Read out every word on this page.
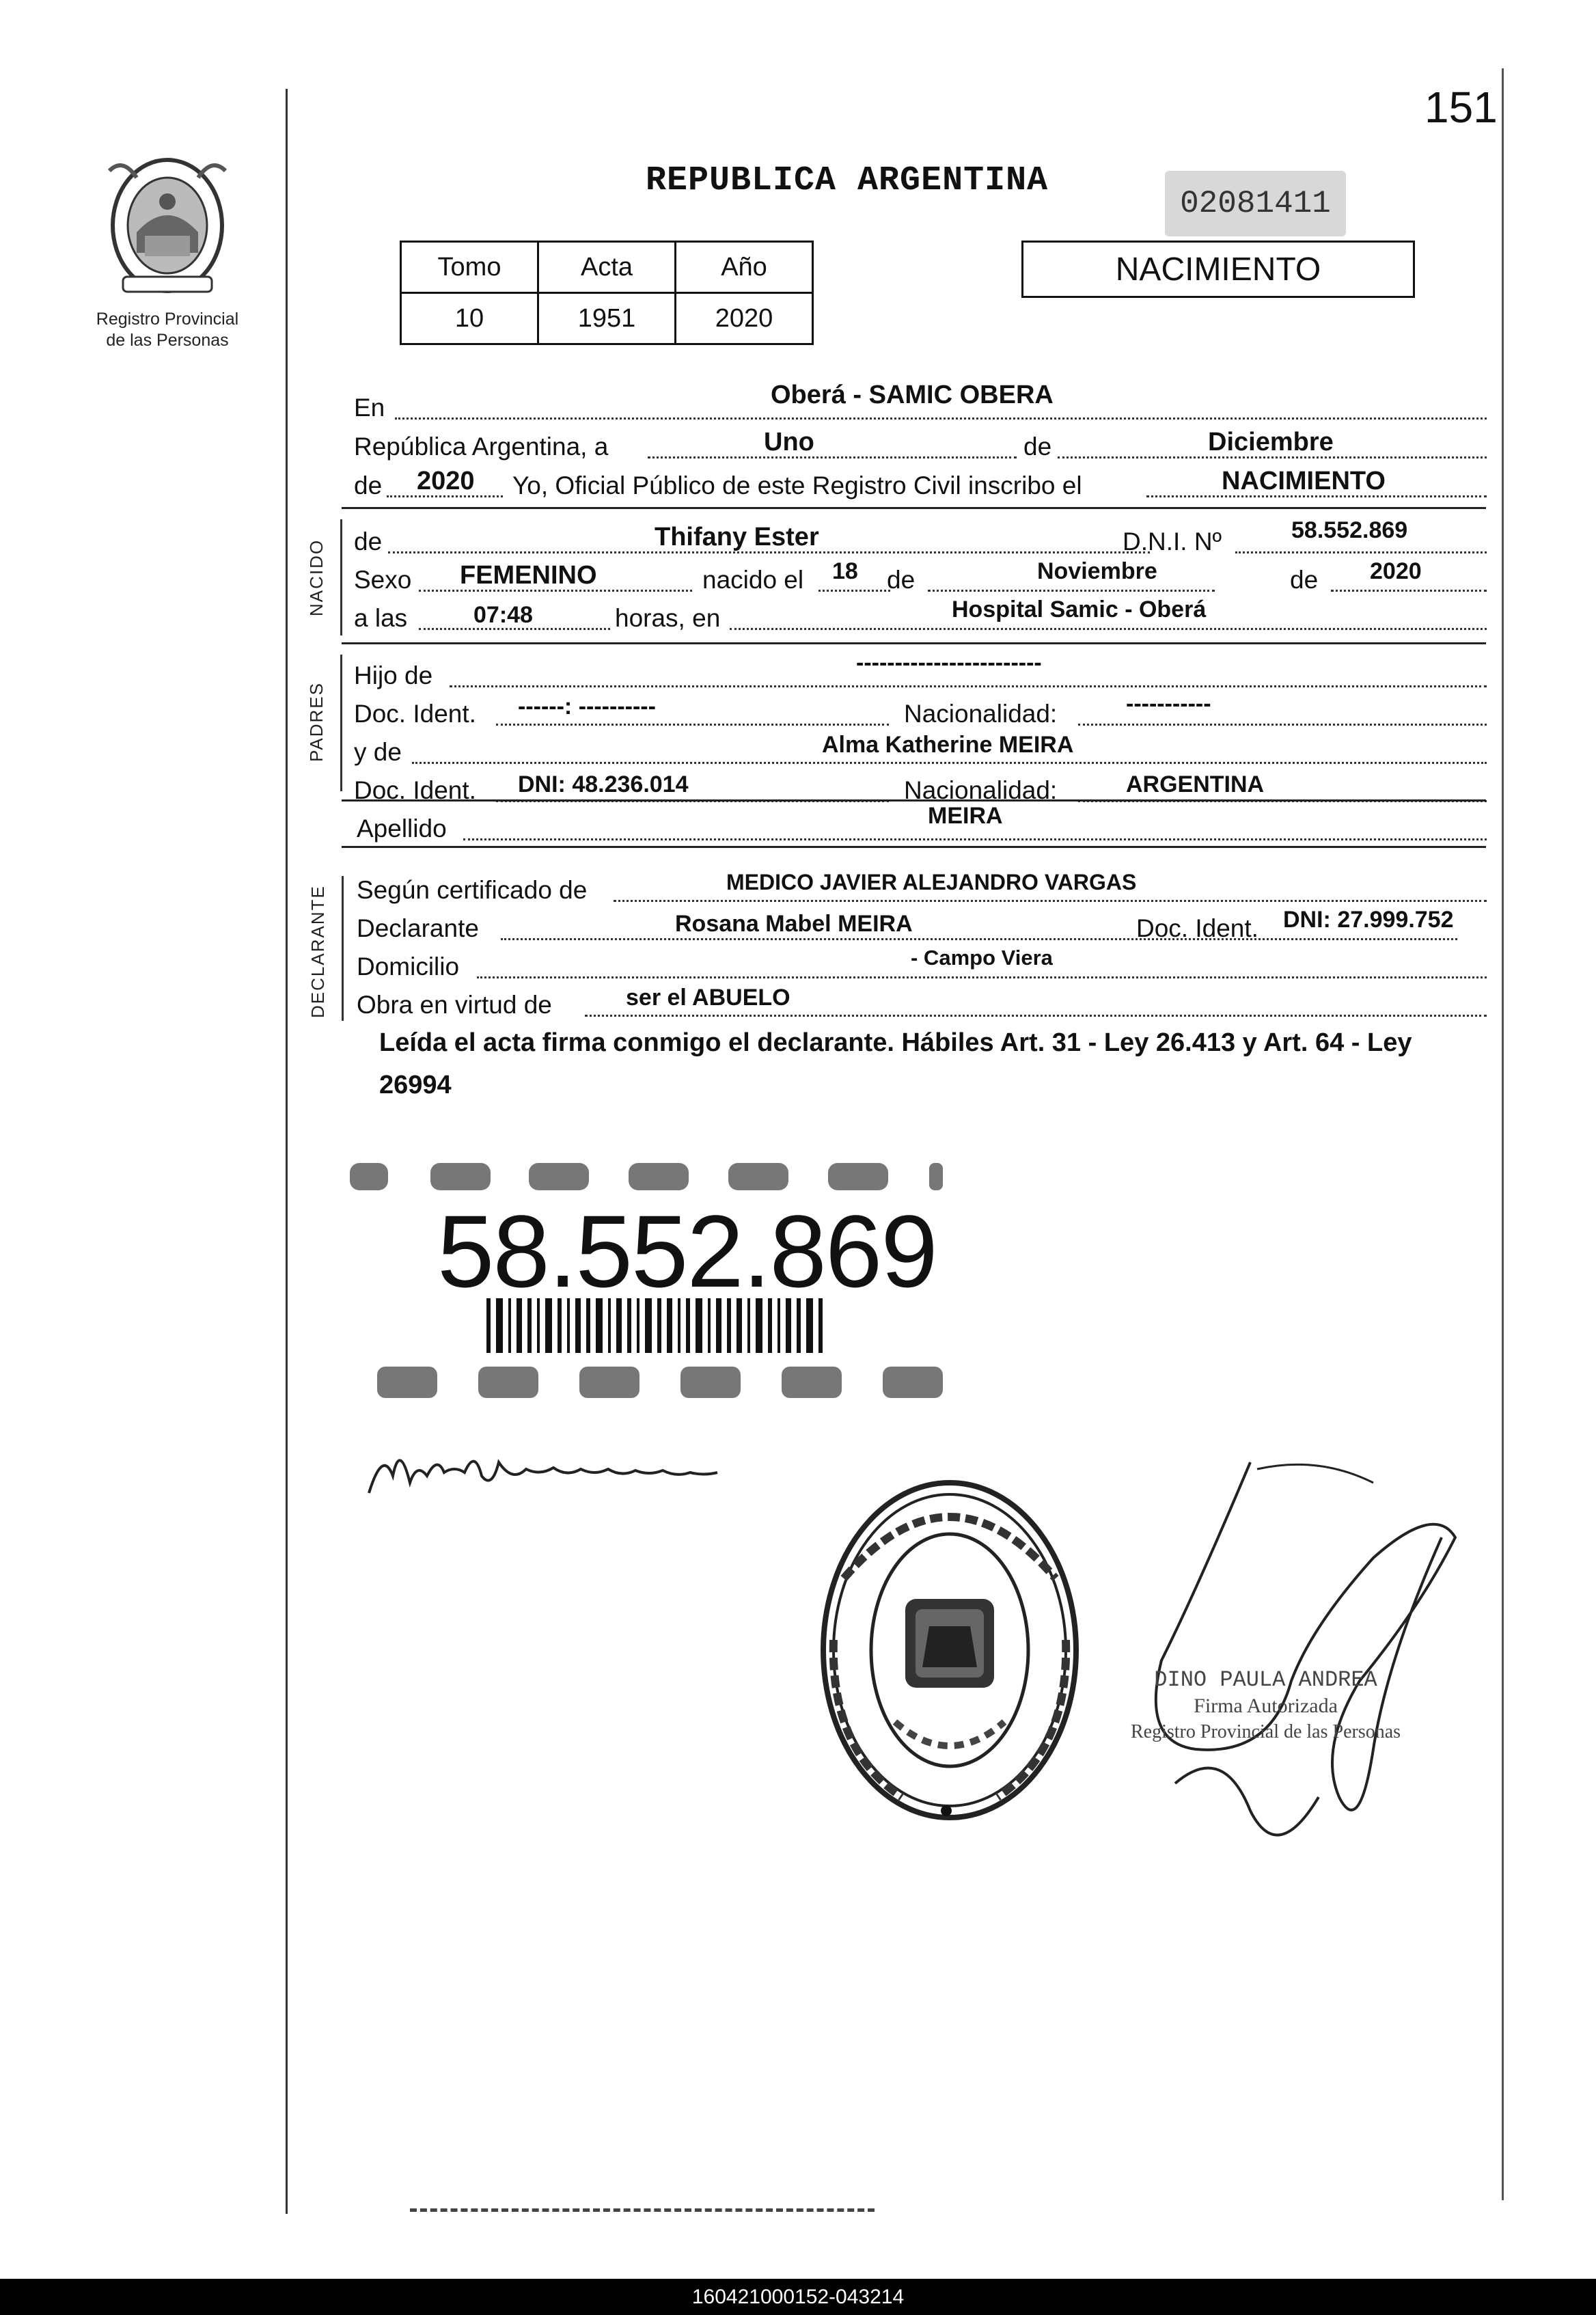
Registro Provincial
de las Personas
151
REPUBLICA ARGENTINA
02081411
Tomo	Acta	Año
10	1951	2020
NACIMIENTO
En	Oberá - SAMIC OBERA
República Argentina, a	Uno	de	Diciembre
de 2020 Yo, Oficial Público de este Registro Civil inscribo el	NACIMIENTO
NACIDO de	Thifany Ester	D.N.I. Nº	58.552.869
Sexo FEMENINO	nacido el 18 de	Noviembre	de 2020
a las	07:48	horas, en	Hospital Samic - Oberá
PADRES
Hijo de	------------------------
Doc. Ident. ------: ----------	Nacionalidad:	-----------
y de	Alma Katherine MEIRA
Doc. Ident. DNI: 48.236.014	Nacionalidad:	ARGENTINA
Apellido	MEIRA
DECLARANTE Según certificado de	MEDICO JAVIER ALEJANDRO VARGAS
Declarante	Rosana Mabel MEIRA	Doc. Ident. DNI: 27.999.752
Domicilio	- Campo Viera
Obra en virtud de	ser el ABUELO
Leída el acta firma conmigo el declarante. Hábiles Art. 31 - Ley 26.413 y Art. 64 - Ley 26994
58.552.869
DINO PAULA ANDREA
Firma Autorizada
Registro Provincial de las Personas
160421000152-043214
